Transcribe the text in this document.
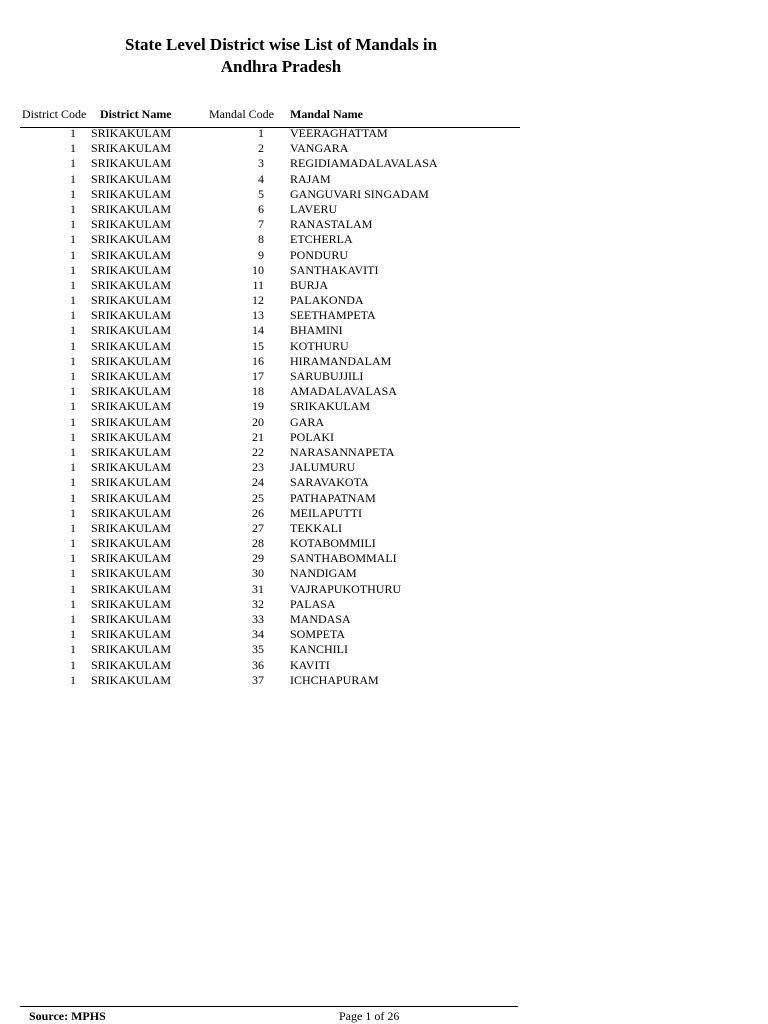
State Level District wise List of Mandals in
Andhra Pradesh
District Code District Name	Mandal Code Mandal Name
1 SRIKAKULAM	1 VEERAGHATTAM
1 SRIKAKULAM	2 VANGARA
1 SRIKAKULAM	3 REGIDIAMADALAVALASA
1 SRIKAKULAM	4 RAJAM
1 SRIKAKULAM	5 GANGUVARI SINGADAM
1 SRIKAKULAM	6 LAVERU
1 SRIKAKULAM	7 RANASTALAM
1 SRIKAKULAM	8 ETCHERLA
1 SRIKAKULAM	9 PONDURU
1 SRIKAKULAM	10 SANTHAKAVITI
1 SRIKAKULAM	11 BURJA
1 SRIKAKULAM	12 PALAKONDA
1 SRIKAKULAM	13 SEETHAMPETA
1 SRIKAKULAM	14 BHAMINI
1 SRIKAKULAM	15 KOTHURU
1 SRIKAKULAM	16 HIRAMANDALAM
1 SRIKAKULAM	17 SARUBUJJILI
1 SRIKAKULAM	18 AMADALAVALASA
1 SRIKAKULAM	19 SRIKAKULAM
1 SRIKAKULAM	20 GARA
1 SRIKAKULAM	21 POLAKI
1 SRIKAKULAM	22 NARASANNAPETA
1 SRIKAKULAM	23 JALUMURU
1 SRIKAKULAM	24 SARAVAKOTA
1 SRIKAKULAM	25 PATHAPATNAM
1 SRIKAKULAM	26 MEILAPUTTI
1 SRIKAKULAM	27 TEKKALI
1 SRIKAKULAM	28 KOTABOMMILI
1 SRIKAKULAM	29 SANTHABOMMALI
1 SRIKAKULAM	30 NANDIGAM
1 SRIKAKULAM	31 VAJRAPUKOTHURU
1 SRIKAKULAM	32 PALASA
1 SRIKAKULAM	33 MANDASA
1 SRIKAKULAM	34 SOMPETA
1 SRIKAKULAM	35 KANCHILI
1 SRIKAKULAM	36 KAVITI
1 SRIKAKULAM	37 ICHCHAPURAM
Source: MPHS	Page 1 of 26
